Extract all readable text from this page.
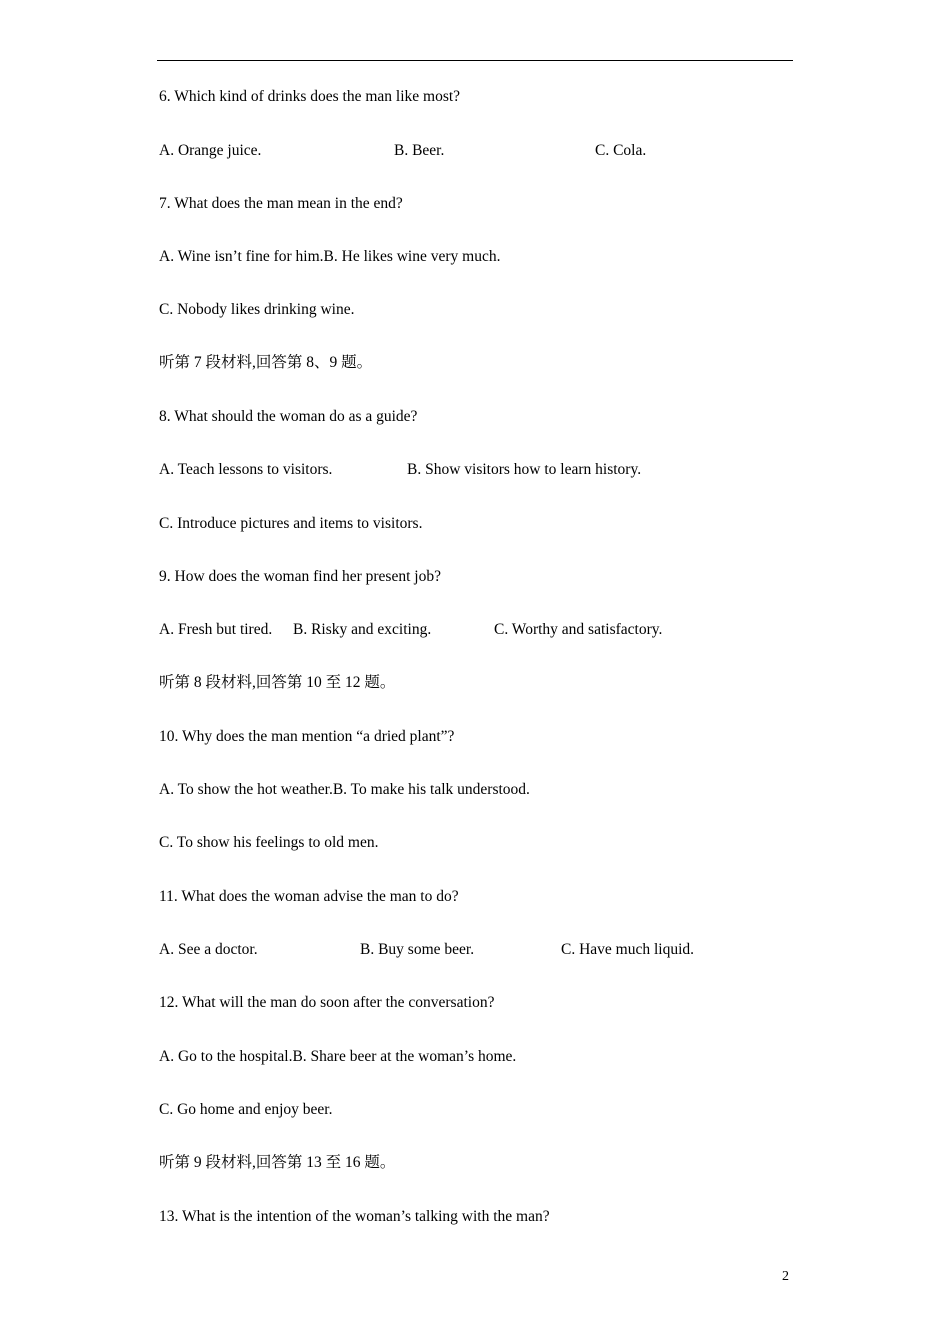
6. Which kind of drinks does the man like most?
A. Orange juice.	B. Beer.	C. Cola.
7. What does the man mean in the end?
A. Wine isn’t fine for him.B. He likes wine very much.
C. Nobody likes drinking wine.
听第 7 段材料,回答第 8、9 题。
8. What should the woman do as a guide?
A. Teach lessons to visitors.	B. Show visitors how to learn history.
C. Introduce pictures and items to visitors.
9. How does the woman find her present job?
A. Fresh but tired. B. Risky and exciting.	C. Worthy and satisfactory.
听第 8 段材料,回答第 10 至 12 题。
10. Why does the man mention “a dried plant”?
A. To show the hot weather.B. To make his talk understood.
C. To show his feelings to old men.
11. What does the woman advise the man to do?
A. See a doctor.	B. Buy some beer.	C. Have much liquid.
12. What will the man do soon after the conversation?
A. Go to the hospital.B. Share beer at the woman’s home.
C. Go home and enjoy beer.
听第 9 段材料,回答第 13 至 16 题。
13. What is the intention of the woman’s talking with the man?
2
